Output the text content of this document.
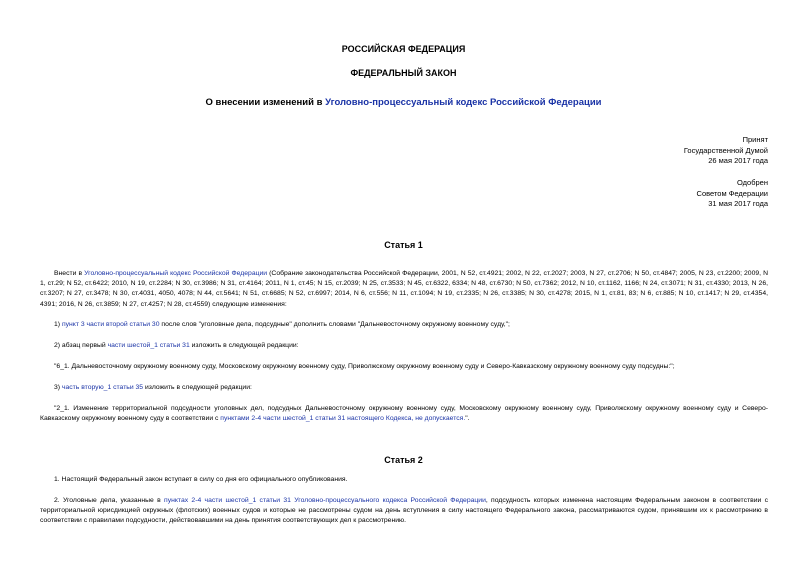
РОССИЙСКАЯ ФЕДЕРАЦИЯ
ФЕДЕРАЛЬНЫЙ ЗАКОН
О внесении изменений в Уголовно-процессуальный кодекс Российской Федерации
Принят
Государственной Думой
26 мая 2017 года
Одобрен
Советом Федерации
31 мая 2017 года
Статья 1
Внести в Уголовно-процессуальный кодекс Российской Федерации (Собрание законодательства Российской Федерации, 2001, N 52, ст.4921; 2002, N 22, ст.2027; 2003, N 27, ст.2706; N 50, ст.4847; 2005, N 23, ст.2200; 2009, N 1, ст.29; N 52, ст.6422; 2010, N 19, ст.2284; N 30, ст.3986; N 31, ст.4164; 2011, N 1, ст.45; N 15, ст.2039; N 25, ст.3533; N 45, ст.6322, 6334; N 48, ст.6730; N 50, ст.7362; 2012, N 10, ст.1162, 1166; N 24, ст.3071; N 31, ст.4330; 2013, N 26, ст.3207; N 27, ст.3478; N 30, ст.4031, 4050, 4078; N 44, ст.5641; N 51, ст.6685; N 52, ст.6997; 2014, N 6, ст.556; N 11, ст.1094; N 19, ст.2335; N 26, ст.3385; N 30, ст.4278; 2015, N 1, ст.81, 83; N 6, ст.885; N 10, ст.1417; N 29, ст.4354, 4391; 2016, N 26, ст.3859; N 27, ст.4257; N 28, ст.4559) следующие изменения:
1) пункт 3 части второй статьи 30 после слов "уголовные дела, подсудные" дополнить словами "Дальневосточному окружному военному суду,";
2) абзац первый части шестой_1 статьи 31 изложить в следующей редакции:
"6_1. Дальневосточному окружному военному суду, Московскому окружному военному суду, Приволжскому окружному военному суду и Северо-Кавказскому окружному военному суду подсудны:";
3) часть вторую_1 статьи 35 изложить в следующей редакции:
"2_1. Изменение территориальной подсудности уголовных дел, подсудных Дальневосточному окружному военному суду, Московскому окружному военному суду, Приволжскому окружному военному суду и Северо-Кавказскому окружному военному суду в соответствии с пунктами 2-4 части шестой_1 статьи 31 настоящего Кодекса, не допускается.".
Статья 2
1. Настоящий Федеральный закон вступает в силу со дня его официального опубликования.
2. Уголовные дела, указанные в пунктах 2-4 части шестой_1 статьи 31 Уголовно-процессуального кодекса Российской Федерации, подсудность которых изменена настоящим Федеральным законом в соответствии с территориальной юрисдикцией окружных (флотских) военных судов и которые не рассмотрены судом на день вступления в силу настоящего Федерального закона, рассматриваются судом, принявшим их к рассмотрению в соответствии с правилами подсудности, действовавшими на день принятия соответствующих дел к рассмотрению.
